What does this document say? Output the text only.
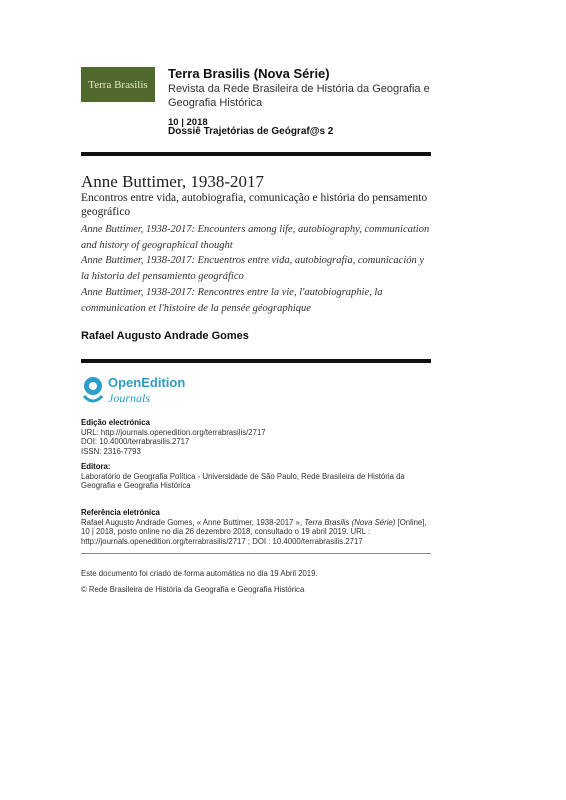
Terra Brasilis
Terra Brasilis (Nova Série)
Revista da Rede Brasileira de História da Geografia e Geografia Histórica
10 | 2018
Dossiê Trajetórias de Geógraf@s 2
Anne Buttimer, 1938-2017
Encontros entre vida, autobiografia, comunicação e história do pensamento geográfico
Anne Buttimer, 1938-2017: Encounters among life, autobiography, communication and history of geographical thought
Anne Buttimer, 1938-2017: Encuentros entre vida, autobiografía, comunicación y la historia del pensamiento geográfico
Anne Buttimer, 1938-2017: Rencontres entre la vie, l'autobiographie, la communication et l'histoire de la pensée géographique
Rafael Augusto Andrade Gomes
OpenEdition
Journals
Edição electrónica
URL: http://journals.openedition.org/terrabrasilis/2717
DOI: 10.4000/terrabrasilis.2717
ISSN: 2316-7793
Editora:
Laboratório de Geografia Política - Universidade de São Paulo, Rede Brasileira de História da Geografia e Geografia Histórica
Referência eletrónica
Rafael Augusto Andrade Gomes, « Anne Buttimer, 1938-2017 », Terra Brasilis (Nova Série) [Online], 10 | 2018, posto online no dia 26 dezembro 2018, consultado o 19 abril 2019. URL : http://journals.openedition.org/terrabrasilis/2717 ; DOI : 10.4000/terrabrasilis.2717
Este documento foi criado de forma automática no dia 19 Abril 2019.
© Rede Brasileira de História da Geografia e Geografia Histórica
